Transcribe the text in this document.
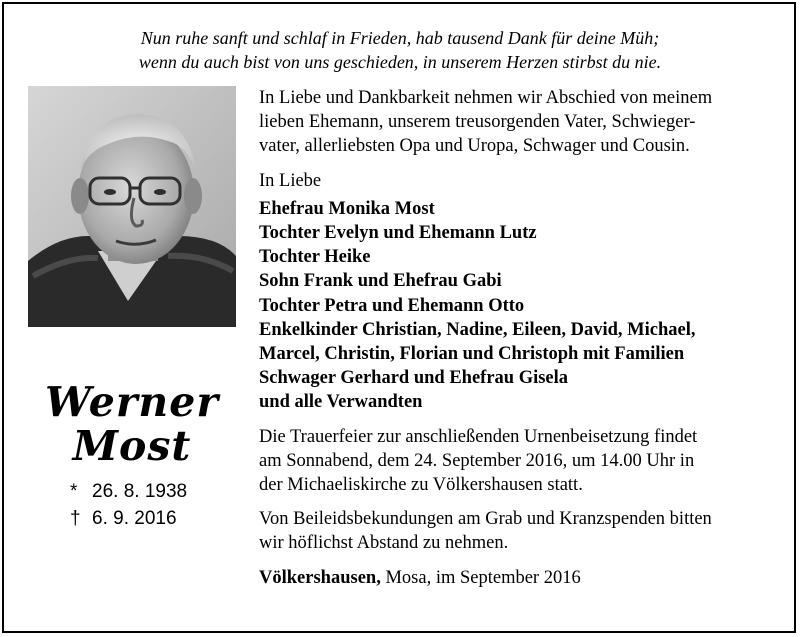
Nun ruhe sanft und schlaf in Frieden, hab tausend Dank für deine Müh;
wenn du auch bist von uns geschieden, in unserem Herzen stirbst du nie.
Werner
Most
* 26. 8. 1938
† 6. 9. 2016
In Liebe und Dankbarkeit nehmen wir Abschied von meinem
lieben Ehemann, unserem treusorgenden Vater, Schwieger-
vater, allerliebsten Opa und Uropa, Schwager und Cousin.
In Liebe
Ehefrau Monika Most
Tochter Evelyn und Ehemann Lutz
Tochter Heike
Sohn Frank und Ehefrau Gabi
Tochter Petra und Ehemann Otto
Enkelkinder Christian, Nadine, Eileen, David, Michael,
Marcel, Christin, Florian und Christoph mit Familien
Schwager Gerhard und Ehefrau Gisela
und alle Verwandten
Die Trauerfeier zur anschließenden Urnenbeisetzung findet
am Sonnabend, dem 24. September 2016, um 14.00 Uhr in
der Michaeliskirche zu Völkershausen statt.
Von Beileidsbekundungen am Grab und Kranzspenden bitten
wir höflichst Abstand zu nehmen.
Völkershausen, Mosa, im September 2016
